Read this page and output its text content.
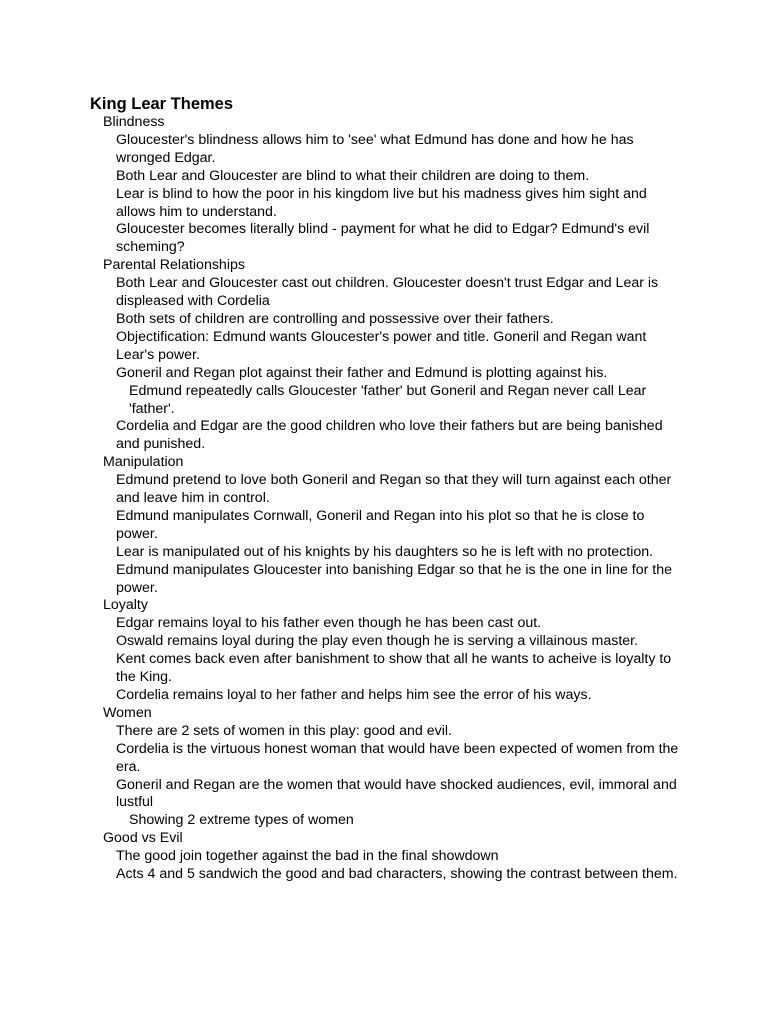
King Lear Themes
Blindness
Gloucester's blindness allows him to 'see' what Edmund has done and how he has wronged Edgar.
Both Lear and Gloucester are blind to what their children are doing to them.
Lear is blind to how the poor in his kingdom live but his madness gives him sight and allows him to understand.
Gloucester becomes literally blind - payment for what he did to Edgar? Edmund's evil scheming?
Parental Relationships
Both Lear and Gloucester cast out children. Gloucester doesn't trust Edgar and Lear is displeased with Cordelia
Both sets of children are controlling and possessive over their fathers.
Objectification: Edmund wants Gloucester's power and title. Goneril and Regan want Lear's power.
Goneril and Regan plot against their father and Edmund is plotting against his.
Edmund repeatedly calls Gloucester 'father' but Goneril and Regan never call Lear 'father'.
Cordelia and Edgar are the good children who love their fathers but are being banished and punished.
Manipulation
Edmund pretend to love both Goneril and Regan so that they will turn against each other and leave him in control.
Edmund manipulates Cornwall, Goneril and Regan into his plot so that he is close to power.
Lear is manipulated out of his knights by his daughters so he is left with no protection.
Edmund manipulates Gloucester into banishing Edgar so that he is the one in line for the power.
Loyalty
Edgar remains loyal to his father even though he has been cast out.
Oswald remains loyal during the play even though he is serving a villainous master.
Kent comes back even after banishment to show that all he wants to acheive is loyalty to the King.
Cordelia remains loyal to her father and helps him see the error of his ways.
Women
There are 2 sets of women in this play: good and evil.
Cordelia is the virtuous honest woman that would have been expected of women from the era.
Goneril and Regan are the women that would have shocked audiences, evil, immoral and lustful
Showing 2 extreme types of women
Good vs Evil
The good join together against the bad in the final showdown
Acts 4 and 5 sandwich the good and bad characters, showing the contrast between them.
